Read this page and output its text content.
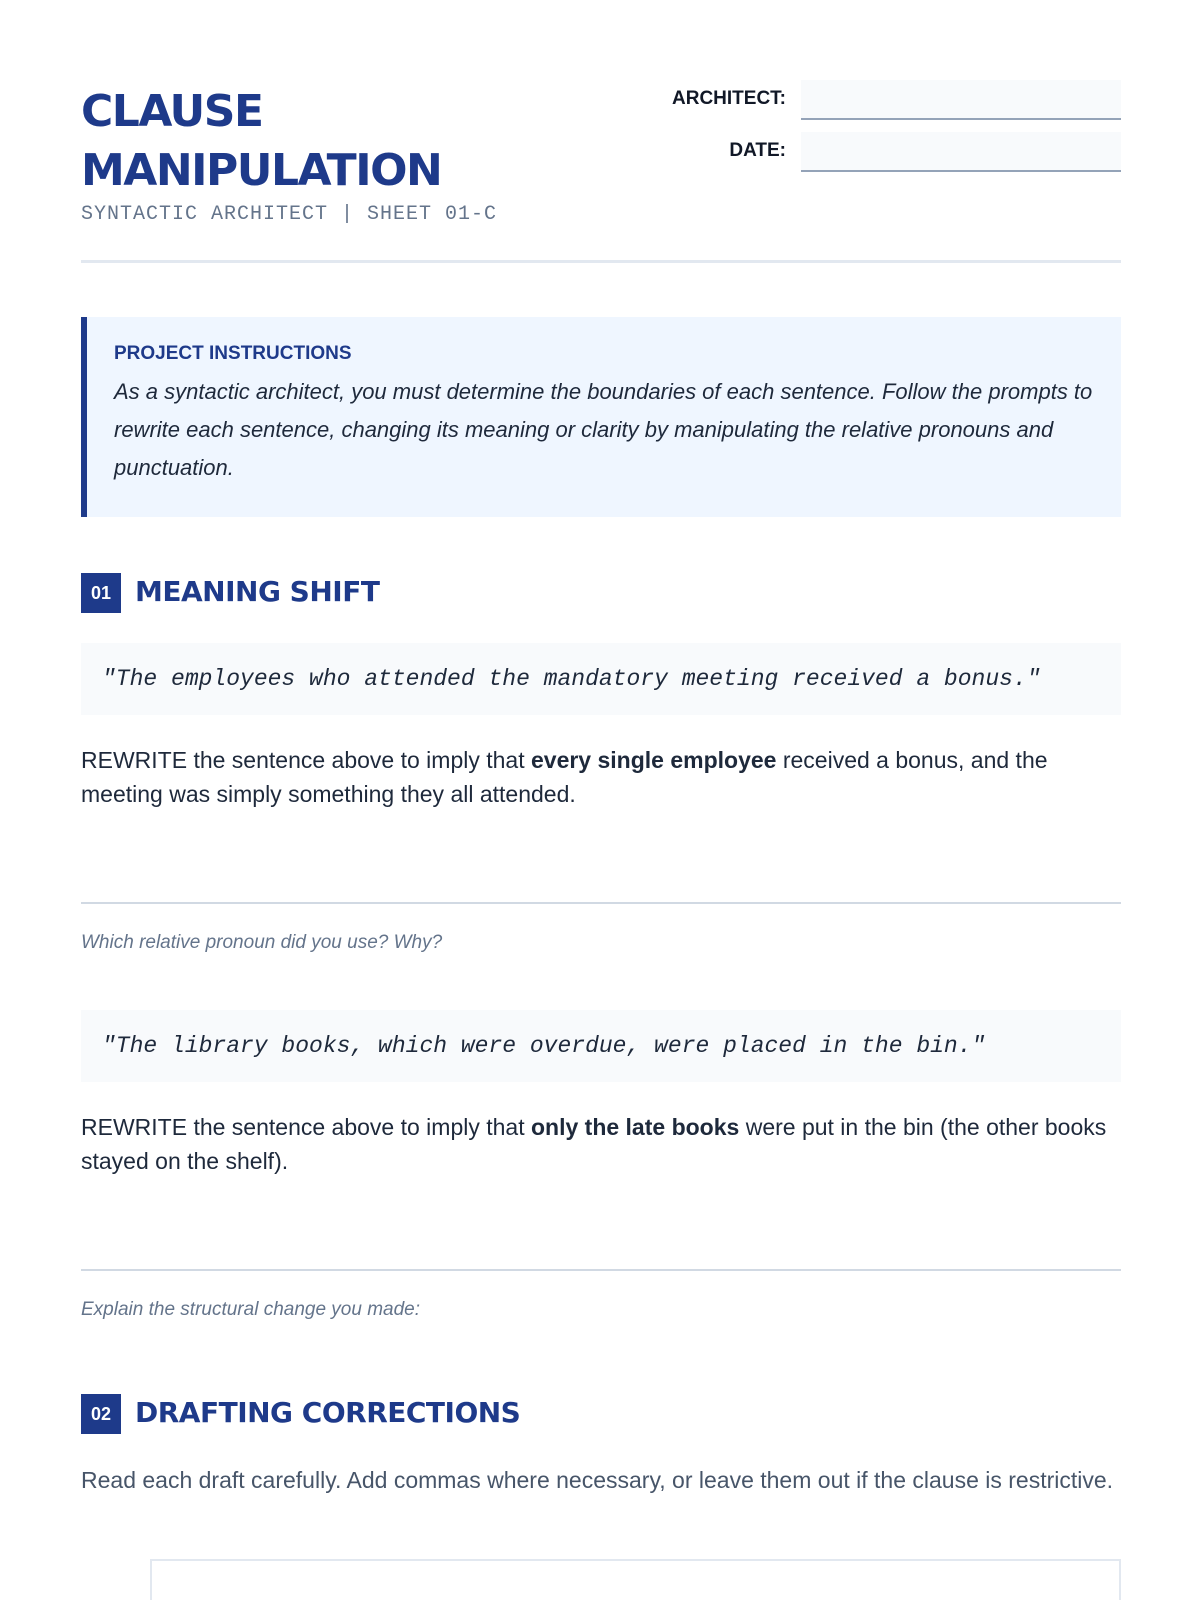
CLAUSE
MANIPULATION
SYNTACTIC ARCHITECT | SHEET 01-C
ARCHITECT:
DATE:
PROJECT INSTRUCTIONS
As a syntactic architect, you must determine the boundaries of each sentence. Follow the prompts to rewrite each sentence, changing its meaning or clarity by manipulating the relative pronouns and punctuation.
01 MEANING SHIFT
"The employees who attended the mandatory meeting received a bonus."
REWRITE the sentence above to imply that every single employee received a bonus, and the meeting was simply something they all attended.
Which relative pronoun did you use? Why?
"The library books, which were overdue, were placed in the bin."
REWRITE the sentence above to imply that only the late books were put in the bin (the other books stayed on the shelf).
Explain the structural change you made:
02 DRAFTING CORRECTIONS
Read each draft carefully. Add commas where necessary, or leave them out if the clause is restrictive.
